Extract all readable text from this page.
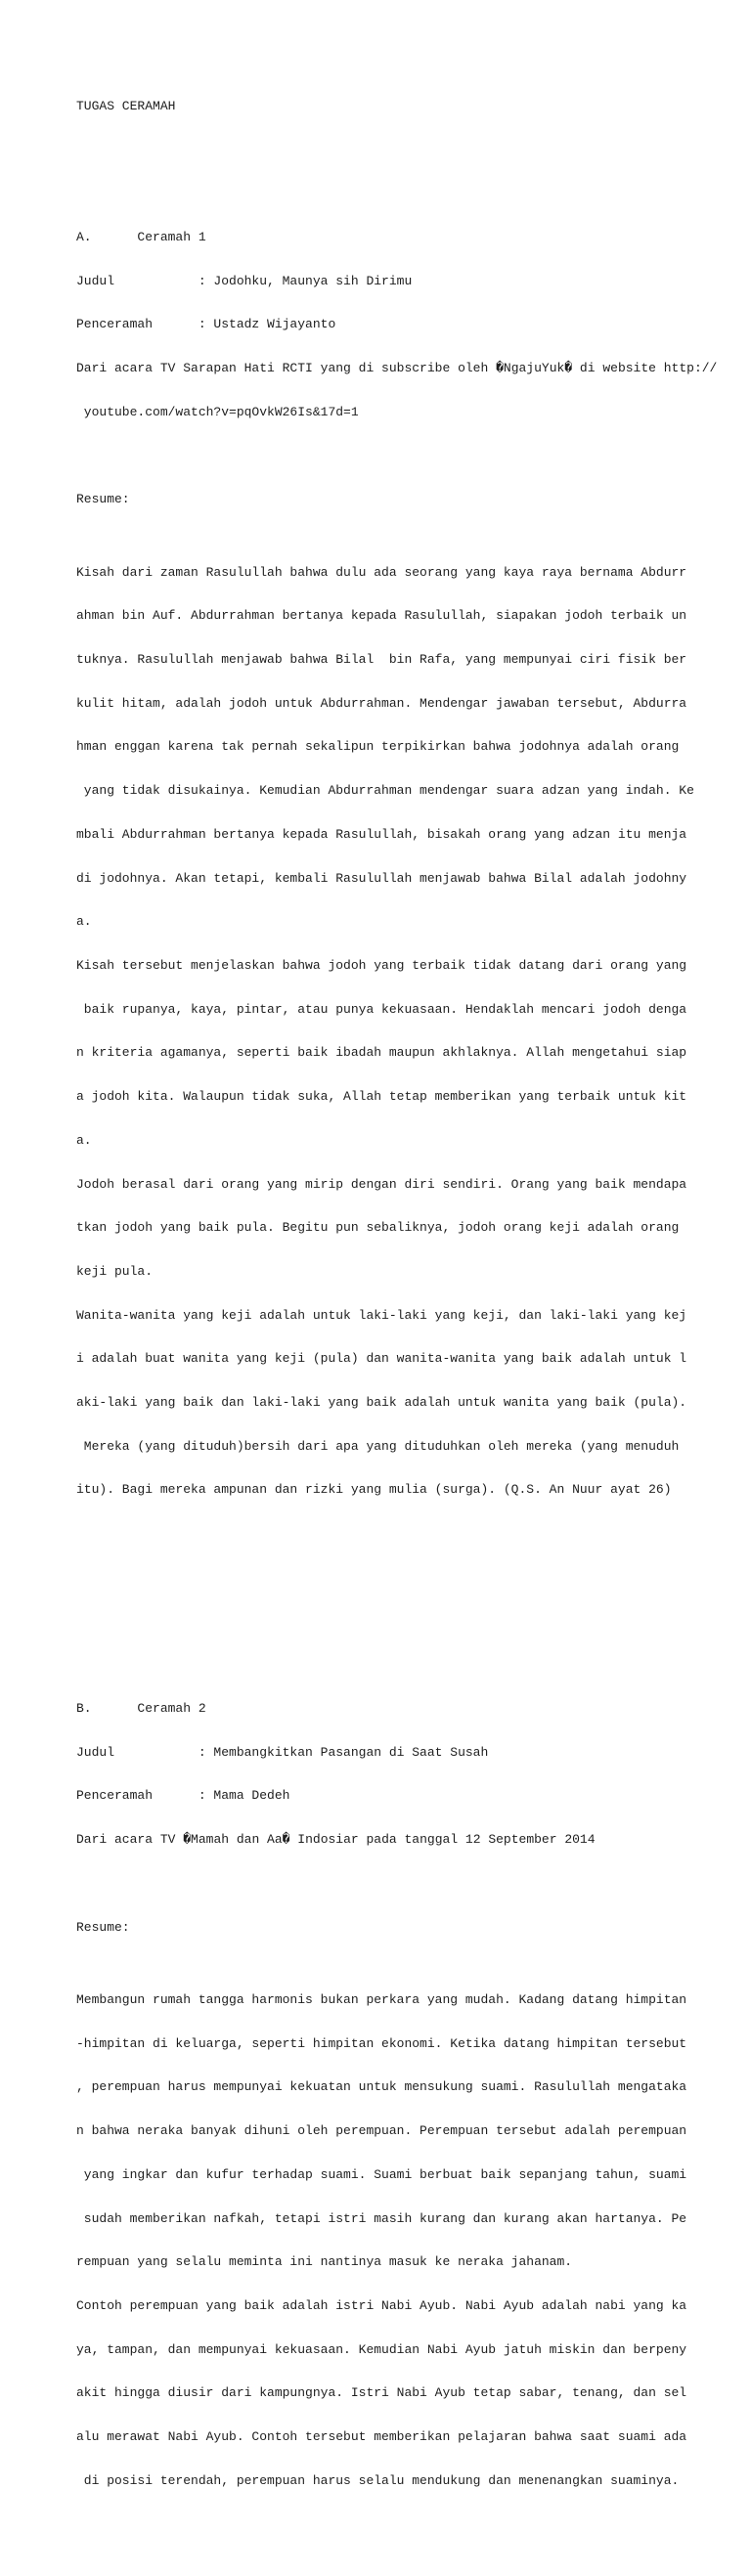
TUGAS CERAMAH

A.      Ceramah 1

Judul           : Jodohku, Maunya sih Dirimu

Penceramah      : Ustadz Wijayanto

Dari acara TV Sarapan Hati RCTI yang di subscribe oleh �NgajuYuk� di website http://

youtube.com/watch?v=pqOvkW26Is&17d=1

Resume:

Kisah dari zaman Rasulullah bahwa dulu ada seorang yang kaya raya bernama Abdurr

ahman bin Auf. Abdurrahman bertanya kepada Rasulullah, siapakan jodoh terbaik un

tuknya. Rasulullah menjawab bahwa Bilal  bin Rafa, yang mempunyai ciri fisik ber

kulit hitam, adalah jodoh untuk Abdurrahman. Mendengar jawaban tersebut, Abdurra

hman enggan karena tak pernah sekalipun terpikirkan bahwa jodohnya adalah orang

yang tidak disukainya. Kemudian Abdurrahman mendengar suara adzan yang indah. Ke

mbali Abdurrahman bertanya kepada Rasulullah, bisakah orang yang adzan itu menja

di jodohnya. Akan tetapi, kembali Rasulullah menjawab bahwa Bilal adalah jodohny

a.

Kisah tersebut menjelaskan bahwa jodoh yang terbaik tidak datang dari orang yang

baik rupanya, kaya, pintar, atau punya kekuasaan. Hendaklah mencari jodoh denga

n kriteria agamanya, seperti baik ibadah maupun akhlaknya. Allah mengetahui siap

a jodoh kita. Walaupun tidak suka, Allah tetap memberikan yang terbaik untuk kit

a.

Jodoh berasal dari orang yang mirip dengan diri sendiri. Orang yang baik mendapa

tkan jodoh yang baik pula. Begitu pun sebaliknya, jodoh orang keji adalah orang

keji pula.

Wanita-wanita yang keji adalah untuk laki-laki yang keji, dan laki-laki yang kej

i adalah buat wanita yang keji (pula) dan wanita-wanita yang baik adalah untuk l

aki-laki yang baik dan laki-laki yang baik adalah untuk wanita yang baik (pula).

Mereka (yang dituduh)bersih dari apa yang dituduhkan oleh mereka (yang menuduh

itu). Bagi mereka ampunan dan rizki yang mulia (surga). (Q.S. An Nuur ayat 26)

B.      Ceramah 2

Judul           : Membangkitkan Pasangan di Saat Susah

Penceramah      : Mama Dedeh

Dari acara TV �Mamah dan Aa� Indosiar pada tanggal 12 September 2014

Resume:

Membangun rumah tangga harmonis bukan perkara yang mudah. Kadang datang himpitan

-himpitan di keluarga, seperti himpitan ekonomi. Ketika datang himpitan tersebut

, perempuan harus mempunyai kekuatan untuk mensukung suami. Rasulullah mengataka

n bahwa neraka banyak dihuni oleh perempuan. Perempuan tersebut adalah perempuan

yang ingkar dan kufur terhadap suami. Suami berbuat baik sepanjang tahun, suami

sudah memberikan nafkah, tetapi istri masih kurang dan kurang akan hartanya. Pe

rempuan yang selalu meminta ini nantinya masuk ke neraka jahanam.

Contoh perempuan yang baik adalah istri Nabi Ayub. Nabi Ayub adalah nabi yang ka

ya, tampan, dan mempunyai kekuasaan. Kemudian Nabi Ayub jatuh miskin dan berpeny

akit hingga diusir dari kampungnya. Istri Nabi Ayub tetap sabar, tenang, dan sel

alu merawat Nabi Ayub. Contoh tersebut memberikan pelajaran bahwa saat suami ada

di posisi terendah, perempuan harus selalu mendukung dan menenangkan suaminya.
